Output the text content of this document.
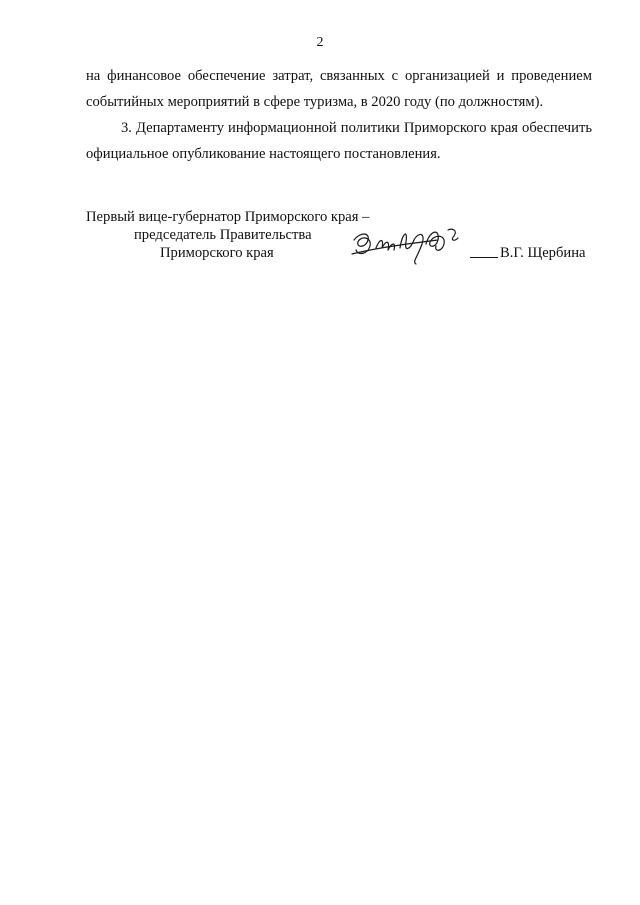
2
на финансовое обеспечение затрат, связанных с организацией и проведением
событийных мероприятий в сфере туризма, в 2020 году (по должностям).
3. Департаменту информационной политики Приморского края обеспечить
официальное опубликование настоящего постановления.
Первый вице-губернатор Приморского края –
председатель Правительства
Приморского края	В.Г. Щербина
